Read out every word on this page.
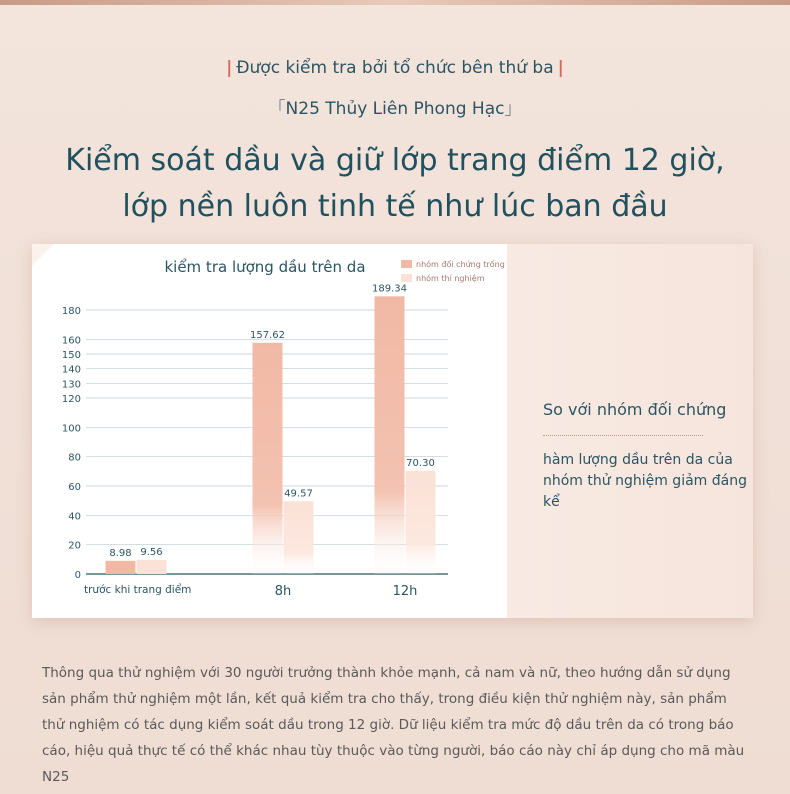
| Được kiểm tra bởi tổ chức bên thứ ba |
「N25 Thủy Liên Phong Hạc」
Kiểm soát dầu và giữ lớp trang điểm 12 giờ,
lớp nền luôn tinh tế như lúc ban đầu
kiểm tra lượng dầu trên da	nhóm đối chứng trống
nhóm thí nghiệm
0
20
40
60
80
100
120
130
140
150
160
180
8.98 9.56
trước khi trang điểm
157.62
49.57
8h
189.34
70.30
12h
So với nhóm đối chứng
hàm lượng dầu trên da của nhóm thử nghiệm giảm đáng kể
Thông qua thử nghiệm với 30 người trưởng thành khỏe mạnh, cả nam và nữ, theo hướng dẫn sử dụng sản phẩm thử nghiệm một lần, kết quả kiểm tra cho thấy, trong điều kiện thử nghiệm này, sản phẩm thử nghiệm có tác dụng kiểm soát dầu trong 12 giờ. Dữ liệu kiểm tra mức độ dầu trên da có trong báo cáo, hiệu quả thực tế có thể khác nhau tùy thuộc vào từng người, báo cáo này chỉ áp dụng cho mã màu N25
